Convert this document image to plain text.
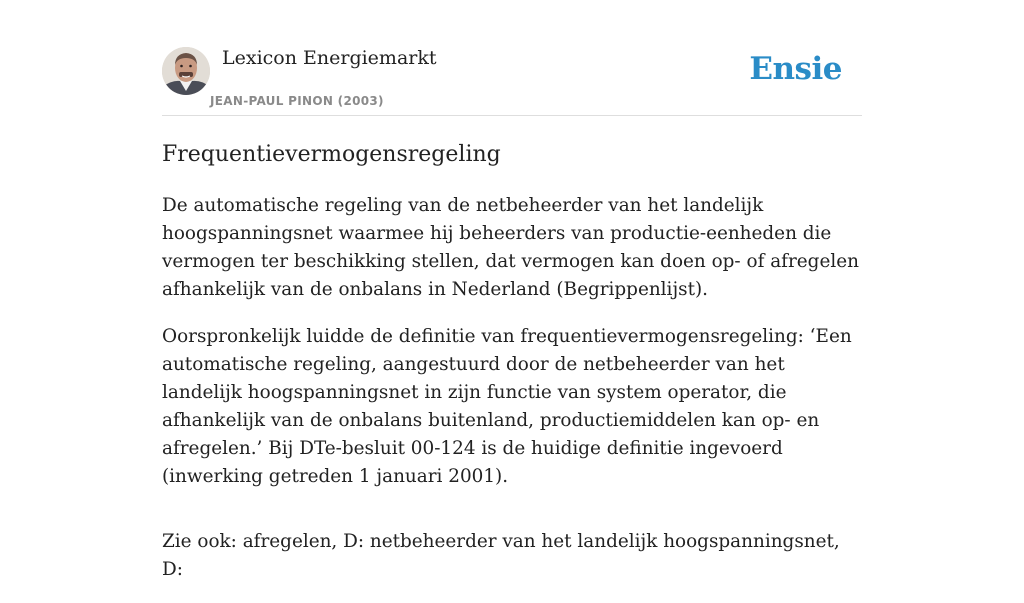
Lexicon Energiemarkt
JEAN-PAUL PINON (2003)
Ensie
Frequentievermogensregeling

De automatische regeling van de netbeheerder van het landelijk hoogspanningsnet waarmee hij beheerders van productie-eenheden die vermogen ter beschikking stellen, dat vermogen kan doen op- of afregelen afhankelijk van de onbalans in Nederland (Begrippenlijst).

Oorspronkelijk luidde de definitie van frequentievermogensregeling: ‘Een automatische regeling, aangestuurd door de netbeheerder van het landelijk hoogspanningsnet in zijn functie van system operator, die afhankelijk van de onbalans buitenland, productiemiddelen kan op- en afregelen.’ Bij DTe-besluit 00-124 is de huidige definitie ingevoerd (inwerking getreden 1 januari 2001).

Zie ook: afregelen, D: netbeheerder van het landelijk hoogspanningsnet, D:
